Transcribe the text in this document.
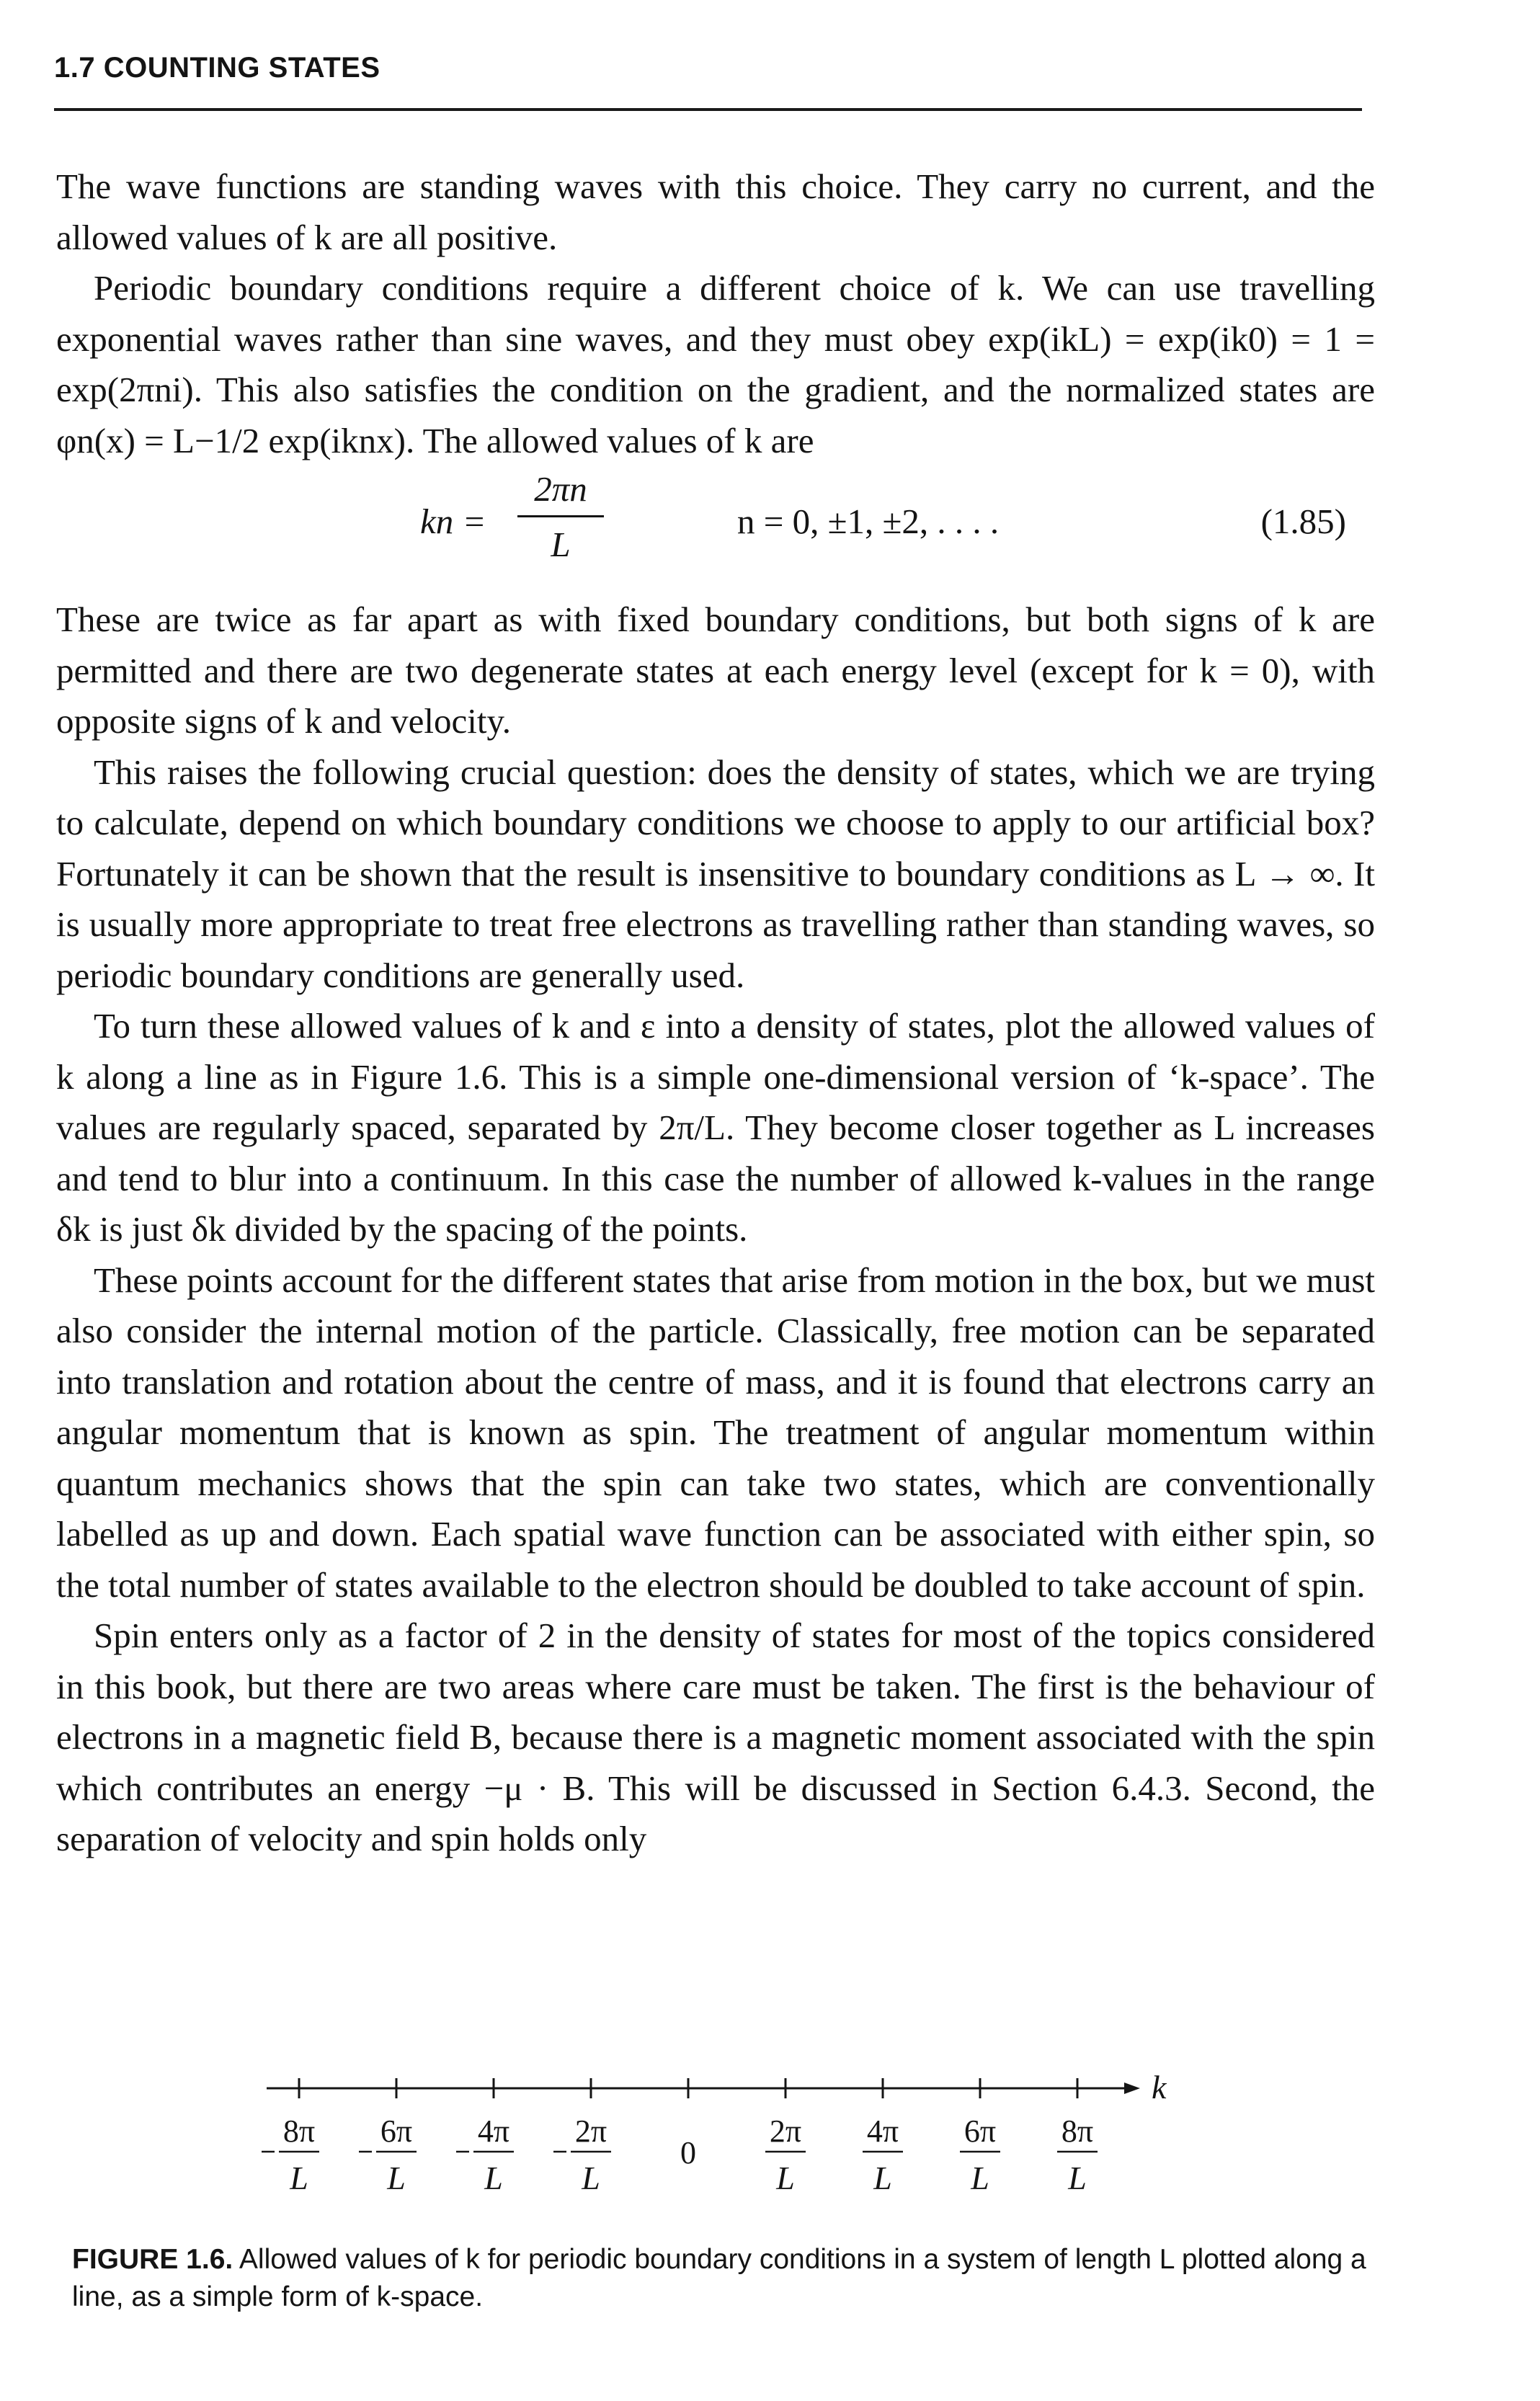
1.7 COUNTING STATES

The wave functions are standing waves with this choice. They carry no current, and the allowed values of k are all positive.

Periodic boundary conditions require a different choice of k. We can use travelling exponential waves rather than sine waves, and they must obey exp(ikL) = exp(ik0) = 1 = exp(2πni). This also satisfies the condition on the gradient, and the normalized states are φn(x) = L−1/2 exp(iknx). The allowed values of k are

kn =
2πn
L
n = 0, ±1, ±2, . . . .	(1.85)

These are twice as far apart as with fixed boundary conditions, but both signs of k are permitted and there are two degenerate states at each energy level (except for k = 0), with opposite signs of k and velocity.

This raises the following crucial question: does the density of states, which we are trying to calculate, depend on which boundary conditions we choose to apply to our artificial box? Fortunately it can be shown that the result is insensitive to boundary conditions as L → ∞. It is usually more appropriate to treat free electrons as travelling rather than standing waves, so periodic boundary conditions are generally used.

To turn these allowed values of k and ε into a density of states, plot the allowed values of k along a line as in Figure 1.6. This is a simple one-dimensional version of ‘k-space’. The values are regularly spaced, separated by 2π/L. They become closer together as L increases and tend to blur into a continuum. In this case the number of allowed k-values in the range δk is just δk divided by the spacing of the points.

These points account for the different states that arise from motion in the box, but we must also consider the internal motion of the particle. Classically, free motion can be separated into translation and rotation about the centre of mass, and it is found that electrons carry an angular momentum that is known as spin. The treatment of angular momentum within quantum mechanics shows that the spin can take two states, which are conventionally labelled as up and down. Each spatial wave function can be associated with either spin, so the total number of states available to the electron should be doubled to take account of spin.

Spin enters only as a factor of 2 in the density of states for most of the topics considered in this book, but there are two areas where care must be taken. The first is the behaviour of electrons in a magnetic field B, because there is a magnetic moment associated with the spin which contributes an energy −μ · B. This will be discussed in Section 6.4.3. Second, the separation of velocity and spin holds only

k
8π
L
6π
L
4π
L
2π
L
0
2π
L
4π
L
6π
L
8π
L
FIGURE 1.6. Allowed values of k for periodic boundary conditions in a system of length L plotted along a line, as a simple form of k-space.
